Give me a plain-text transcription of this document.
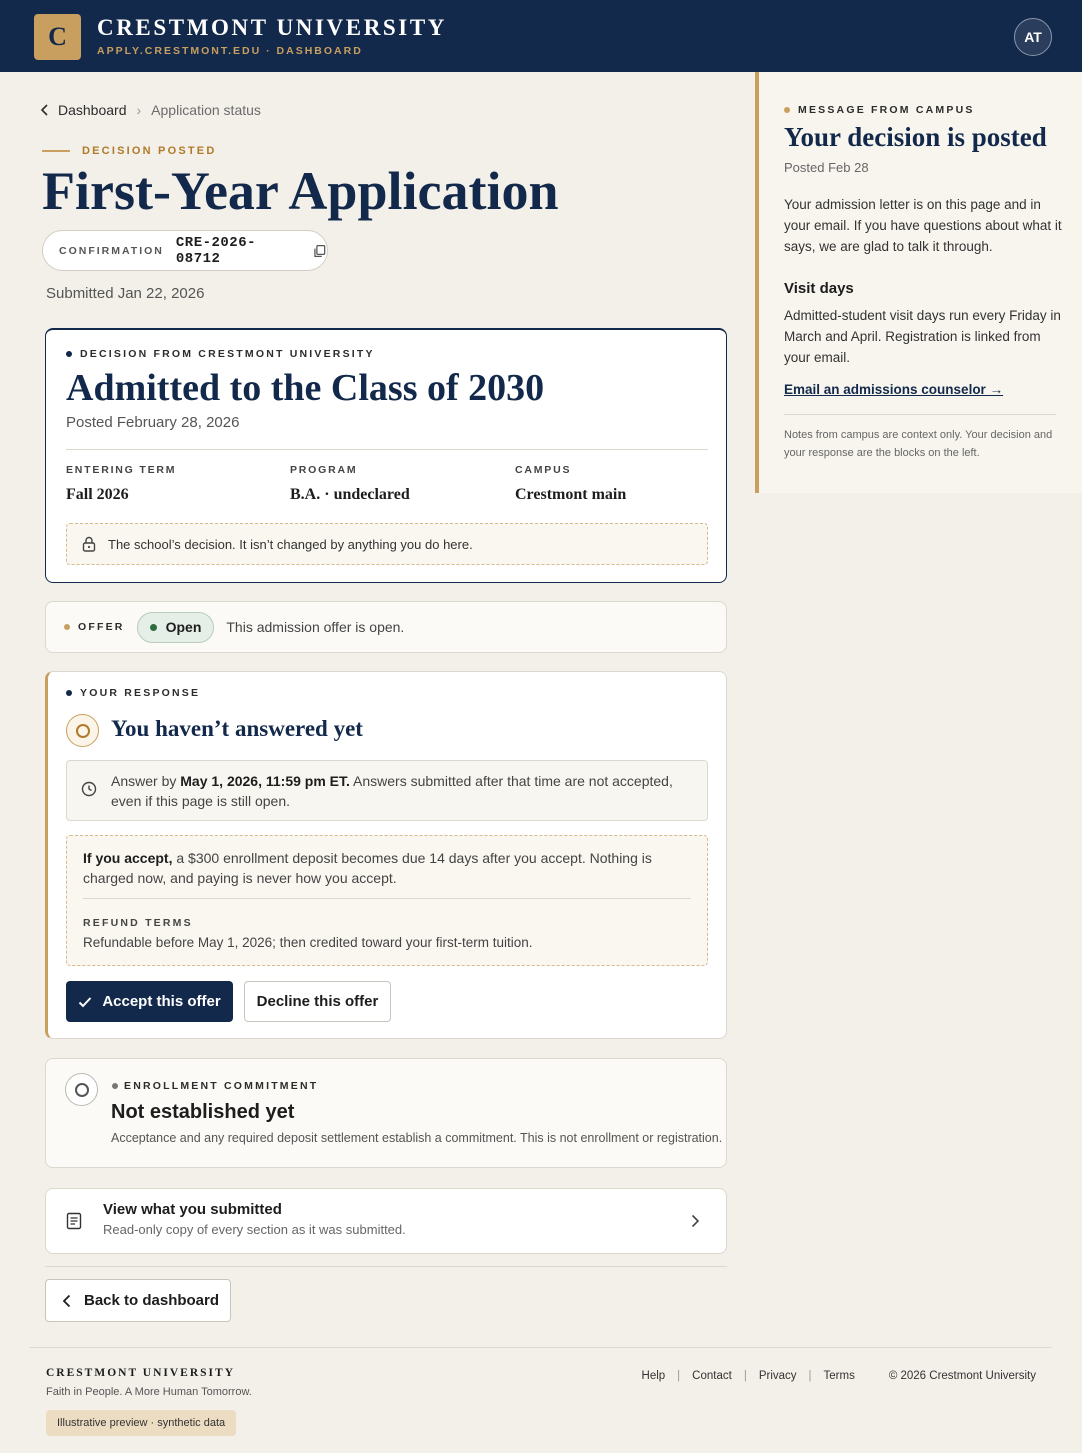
C	CRESTMONT UNIVERSITY
APPLY.CRESTMONT.EDU · DASHBOARD
AT
Dashboard › Application status
DECISION POSTED
First-Year Application
CONFIRMATION CRE-2026-08712
Submitted Jan 22, 2026
DECISION FROM CRESTMONT UNIVERSITY
Admitted to the Class of 2030
Posted February 28, 2026
ENTERING TERM
Fall 2026
PROGRAM
B.A. · undeclared
CAMPUS
Crestmont main
The school’s decision. It isn’t changed by anything you do here.
OFFER	Open This admission offer is open.
YOUR RESPONSE
You haven’t answered yet
Answer by May 1, 2026, 11:59 pm ET. Answers submitted after that time are not accepted, even if this page is still open.
If you accept, a $300 enrollment deposit becomes due 14 days after you accept. Nothing is charged now, and paying is never how you accept.
REFUND TERMS
Refundable before May 1, 2026; then credited toward your first-term tuition.
Accept this offer	Decline this offer
ENROLLMENT COMMITMENT
Not established yet
Acceptance and any required deposit settlement establish a commitment. This is not enrollment or registration.
View what you submitted
Read-only copy of every section as it was submitted.
Back to dashboard
MESSAGE FROM CAMPUS
Your decision is posted
Posted Feb 28
Your admission letter is on this page and in your email. If you have questions about what it says, we are glad to talk it through.
Visit days
Admitted-student visit days run every Friday in March and April. Registration is linked from your email.
Email an admissions counselor →
Notes from campus are context only. Your decision and your response are the blocks on the left.
CRESTMONT UNIVERSITY
Faith in People. A More Human Tomorrow.
Illustrative preview · synthetic data
Help | Contact | Privacy | Terms	© 2026 Crestmont University
